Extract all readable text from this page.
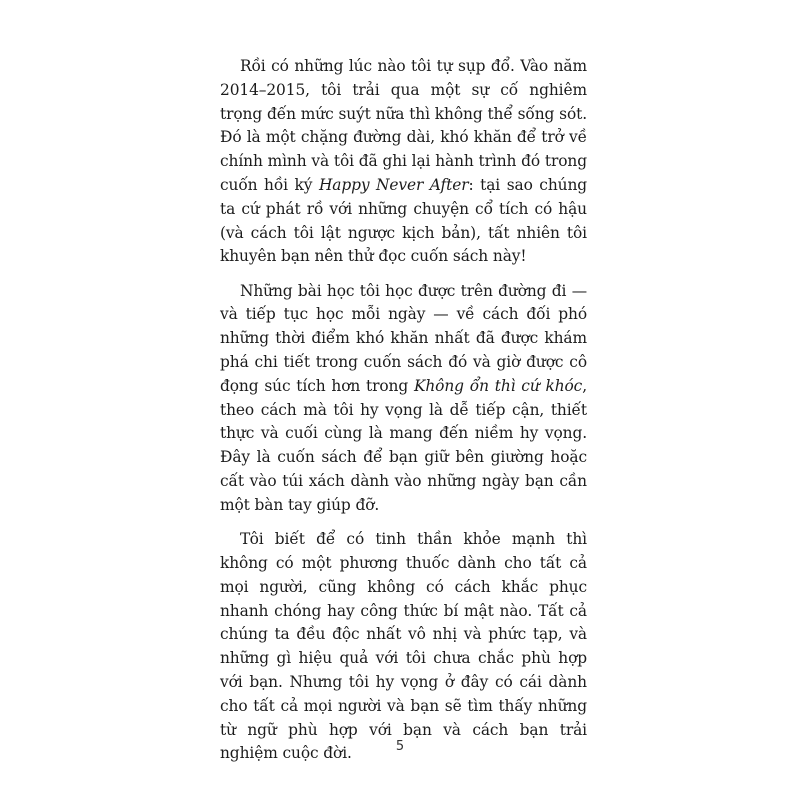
Rồi có những lúc nào tôi tự sụp đổ. Vào năm 2014–2015, tôi trải qua một sự cố nghiêm trọng đến mức suýt nữa thì không thể sống sót. Đó là một chặng đường dài, khó khăn để trở về chính mình và tôi đã ghi lại hành trình đó trong cuốn hồi ký Happy Never After: tại sao chúng ta cứ phát rồ với những chuyện cổ tích có hậu (và cách tôi lật ngược kịch bản), tất nhiên tôi khuyên bạn nên thử đọc cuốn sách này!

Những bài học tôi học được trên đường đi — và tiếp tục học mỗi ngày — về cách đối phó những thời điểm khó khăn nhất đã được khám phá chi tiết trong cuốn sách đó và giờ được cô đọng súc tích hơn trong Không ổn thì cứ khóc, theo cách mà tôi hy vọng là dễ tiếp cận, thiết thực và cuối cùng là mang đến niềm hy vọng. Đây là cuốn sách để bạn giữ bên giường hoặc cất vào túi xách dành vào những ngày bạn cần một bàn tay giúp đỡ.

Tôi biết để có tinh thần khỏe mạnh thì không có một phương thuốc dành cho tất cả mọi người, cũng không có cách khắc phục nhanh chóng hay công thức bí mật nào. Tất cả chúng ta đều độc nhất vô nhị và phức tạp, và những gì hiệu quả với tôi chưa chắc phù hợp với bạn. Nhưng tôi hy vọng ở đây có cái dành cho tất cả mọi người và bạn sẽ tìm thấy những từ ngữ phù hợp với bạn và cách bạn trải nghiệm cuộc đời.	5
